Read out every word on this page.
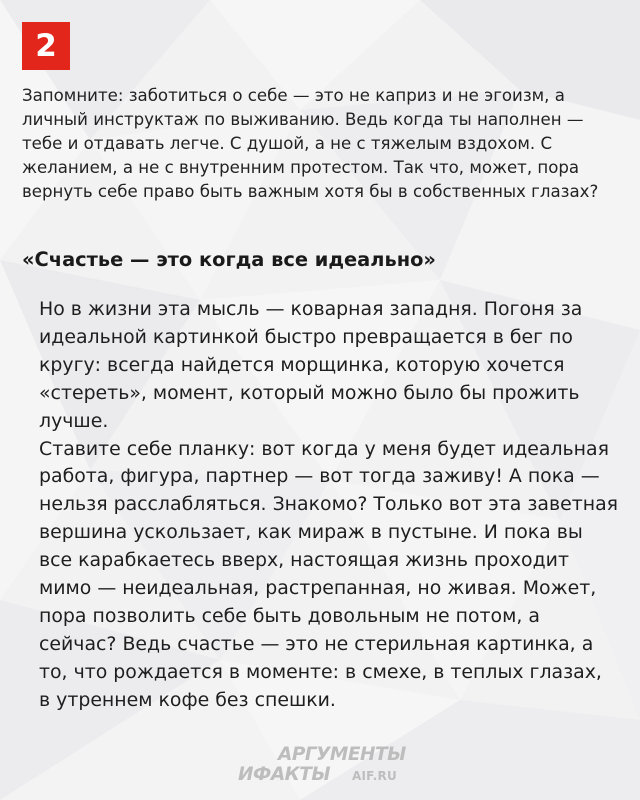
2

Запомните: заботиться о себе — это не каприз и не эгоизм, а личный инструктаж по выживанию. Ведь когда ты наполнен — тебе и отдавать легче. С душой, а не с тяжелым вздохом. С желанием, а не с внутренним протестом. Так что, может, пора вернуть себе право быть важным хотя бы в собственных глазах?

«Счастье — это когда все идеально»
Но в жизни эта мысль — коварная западня. Погоня за идеальной картинкой быстро превращается в бег по кругу: всегда найдется морщинка, которую хочется «стереть», момент, который можно было бы прожить лучше.
Ставите себе планку: вот когда у меня будет идеальная работа, фигура, партнер — вот тогда заживу! А пока — нельзя расслабляться. Знакомо? Только вот эта заветная вершина ускользает, как мираж в пустыне. И пока вы все карабкаетесь вверх, настоящая жизнь проходит мимо — неидеальная, растрепанная, но живая. Может, пора позволить себе быть довольным не потом, а сейчас? Ведь счастье — это не стерильная картинка, а то, что рождается в моменте: в смехе, в теплых глазах, в утреннем кофе без спешки.
АРГУМЕНТЫ
ИФАКТЫ AIF.RU
